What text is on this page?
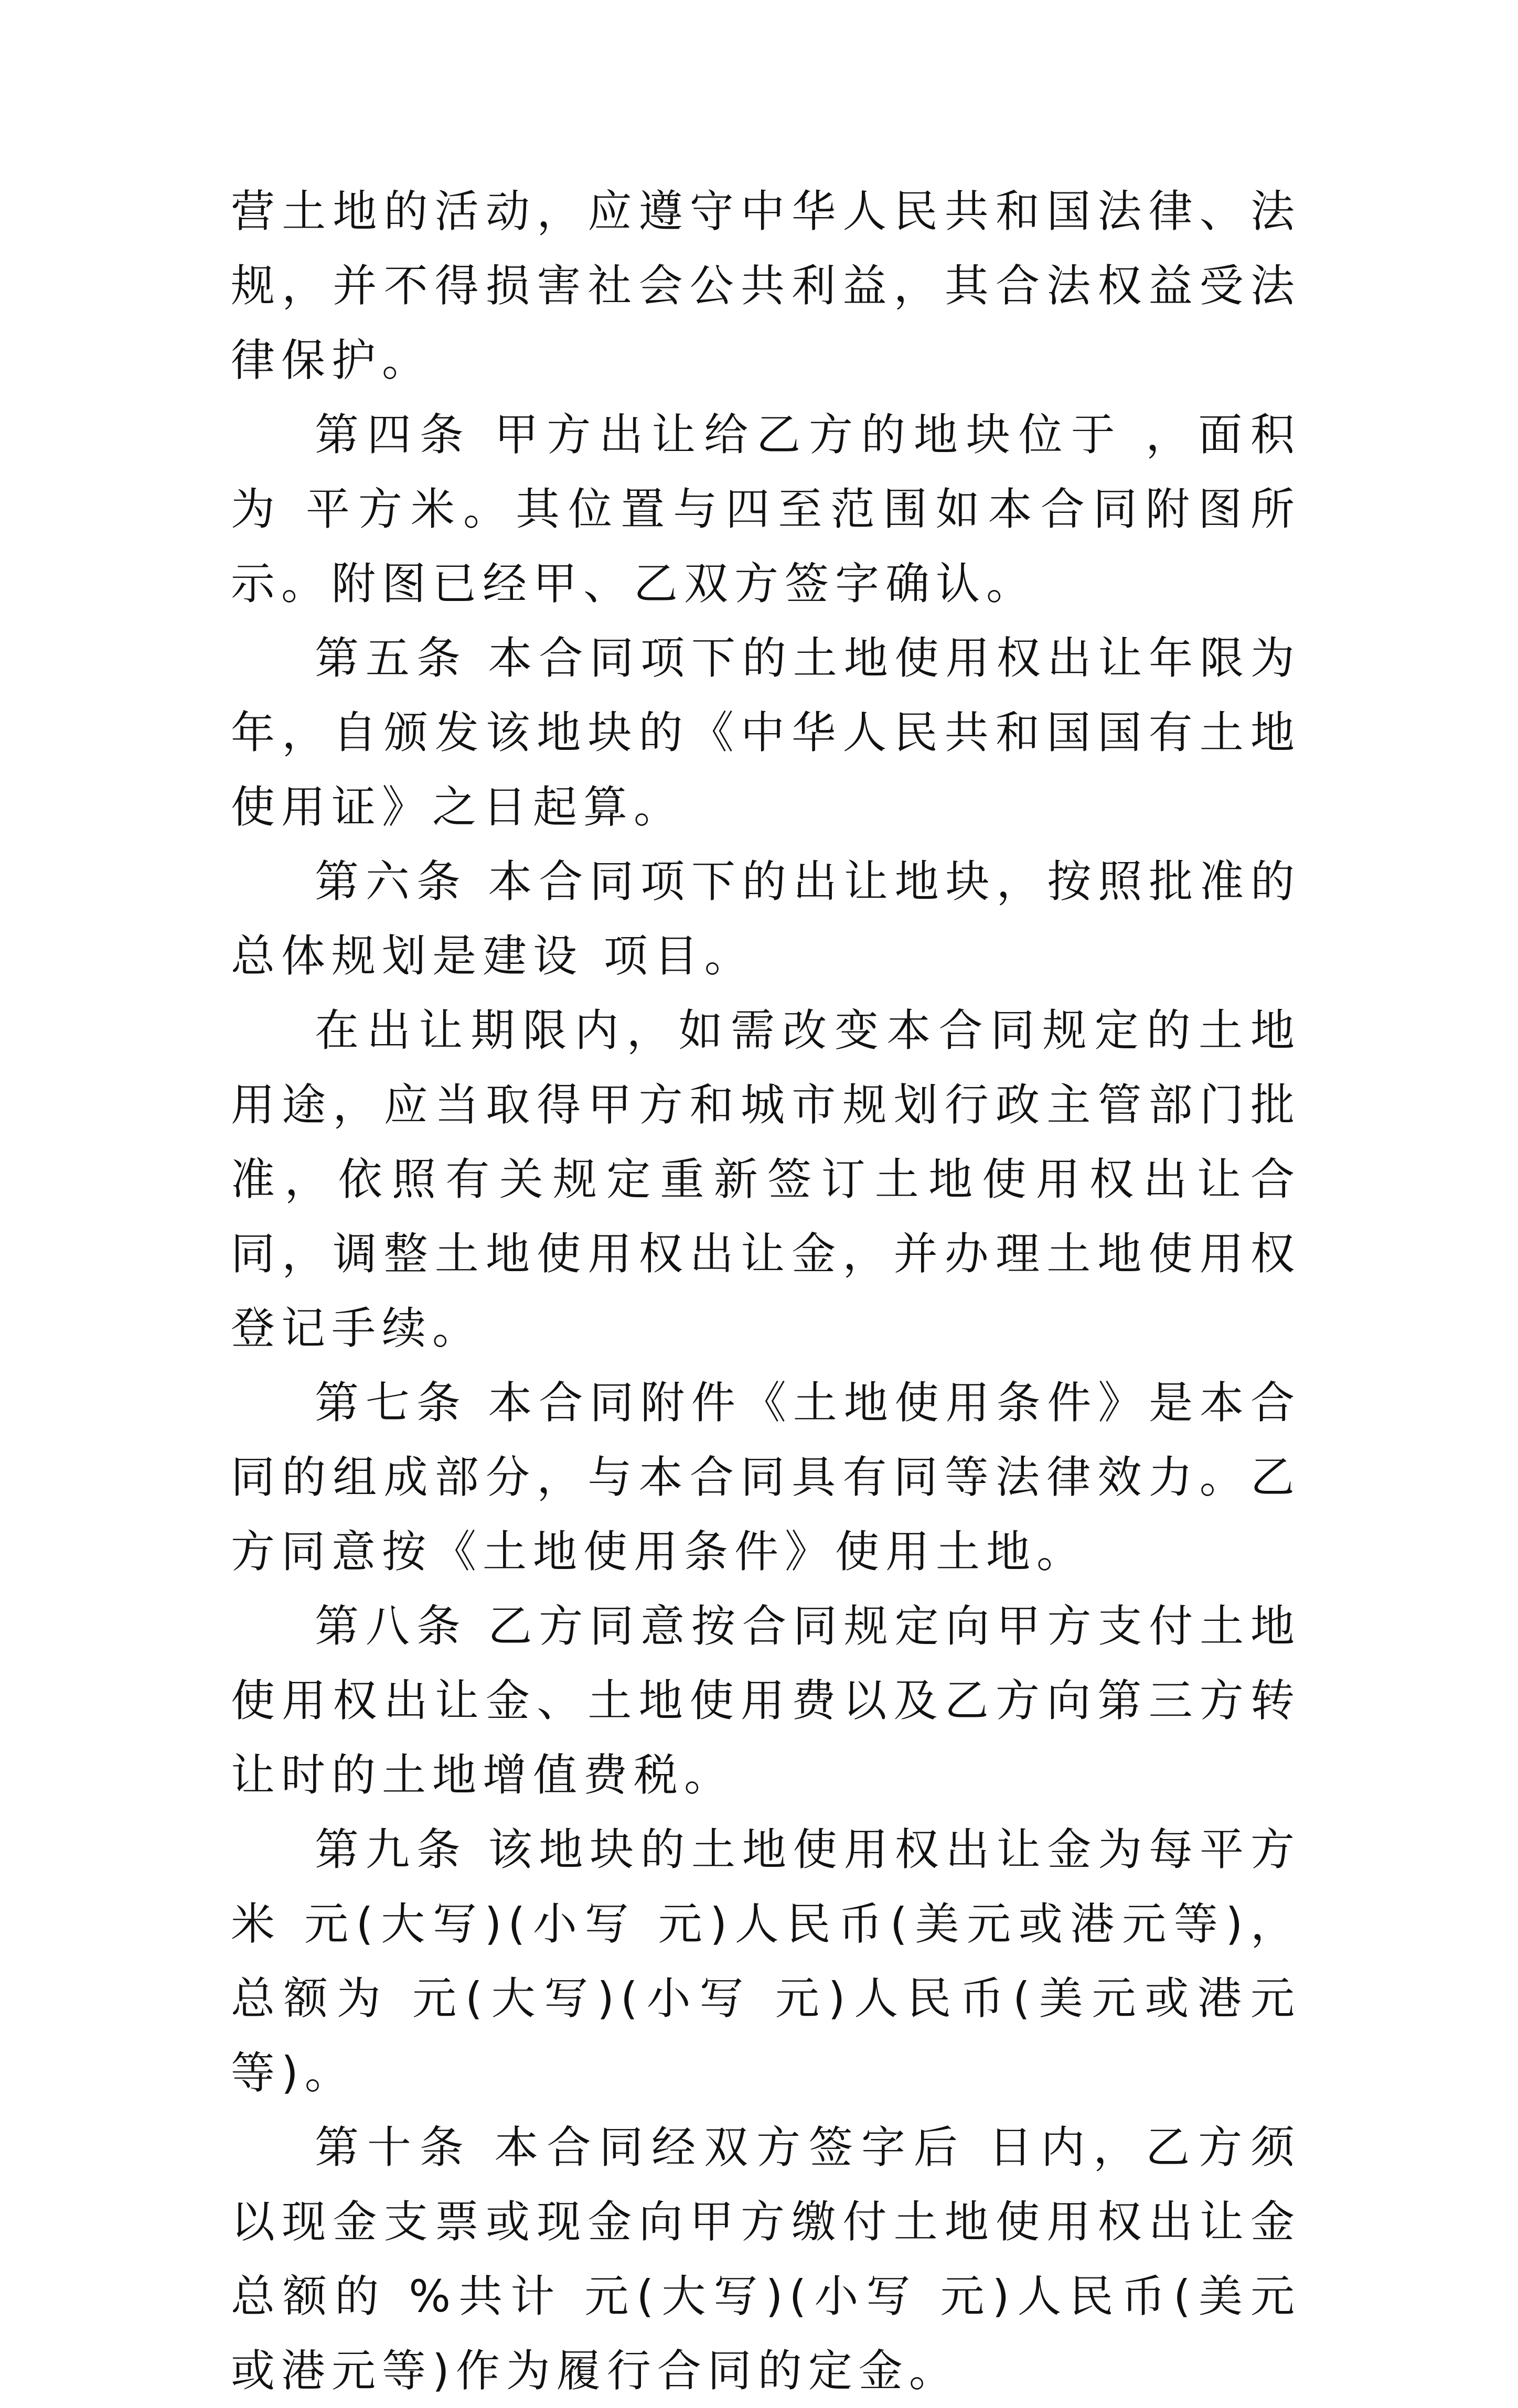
营土地的活动，应遵守中华人民共和国法律、法规，并不得损害社会公共利益，其合法权益受法律保护。

第四条 甲方出让给乙方的地块位于 ，面积为 平方米。其位置与四至范围如本合同附图所示。附图已经甲、乙双方签字确认。

第五条 本合同项下的土地使用权出让年限为 年，自颁发该地块的《中华人民共和国国有土地使用证》之日起算。

第六条 本合同项下的出让地块，按照批准的总体规划是建设 项目。

在出让期限内，如需改变本合同规定的土地用途，应当取得甲方和城市规划行政主管部门批准，依照有关规定重新签订土地使用权出让合同，调整土地使用权出让金，并办理土地使用权登记手续。

第七条 本合同附件《土地使用条件》是本合同的组成部分，与本合同具有同等法律效力。乙方同意按《土地使用条件》使用土地。

第八条 乙方同意按合同规定向甲方支付土地使用权出让金、土地使用费以及乙方向第三方转让时的土地增值费税。

第九条 该地块的土地使用权出让金为每平方米 元(大写)(小写 元)人民币(美元或港元等)，总额为 元(大写)(小写 元)人民币(美元或港元等)。

第十条 本合同经双方签字后 日内，乙方须以现金支票或现金向甲方缴付土地使用权出让金总额的 %共计 元(大写)(小写 元)人民币(美元或港元等)作为履行合同的定金。
